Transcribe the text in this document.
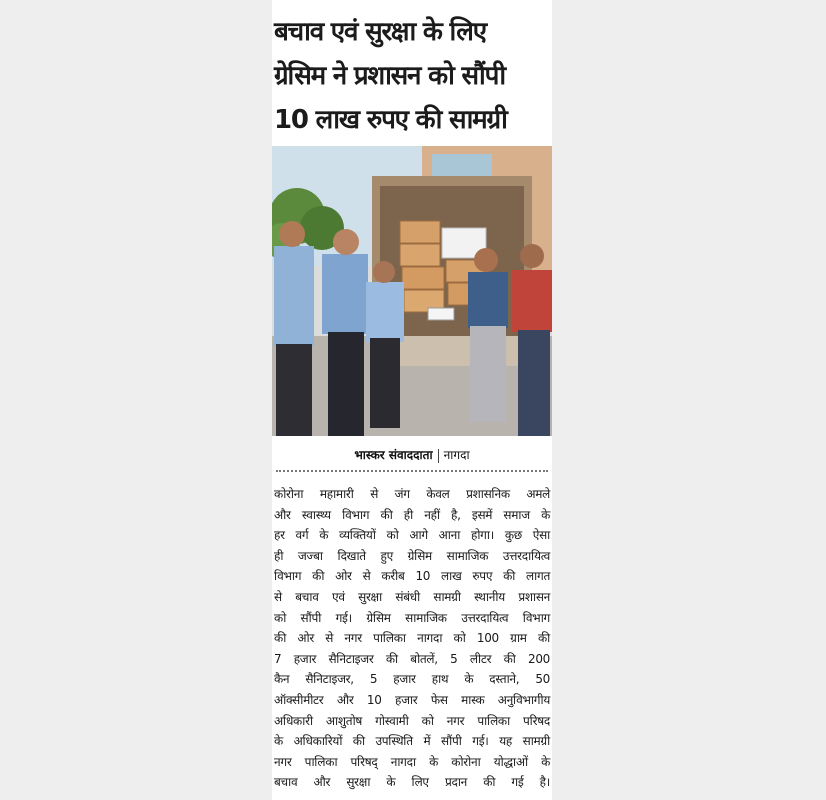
बचाव एवं सुरक्षा के लिए
ग्रेसिम ने प्रशासन को सौंपी
10 लाख रुपए की सामग्री
भास्कर संवाददाता नागदा
कोरोना महामारी से जंग केवल प्रशासनिक अमले
और स्वास्थ्य विभाग की ही नहीं है, इसमें समाज के
हर वर्ग के व्यक्तियों को आगे आना होगा। कुछ ऐसा
ही जज्बा दिखाते हुए ग्रेसिम सामाजिक उत्तरदायित्व
विभाग की ओर से करीब 10 लाख रुपए की लागत
से बचाव एवं सुरक्षा संबंधी सामग्री स्थानीय प्रशासन
को सौंपी गई। ग्रेसिम सामाजिक उत्तरदायित्व विभाग
की ओर से नगर पालिका नागदा को 100 ग्राम की
7 हजार सैनिटाइजर की बोतलें, 5 लीटर की 200
कैन सैनिटाइजर, 5 हजार हाथ के दस्ताने, 50
ऑक्सीमीटर और 10 हजार फेस मास्क अनुविभागीय
अधिकारी आशुतोष गोस्वामी को नगर पालिका परिषद
के अधिकारियों की उपस्थिति में सौंपी गई। यह सामग्री
नगर पालिका परिषद् नागदा के कोरोना योद्धाओं के
बचाव और सुरक्षा के लिए प्रदान की गई है।
